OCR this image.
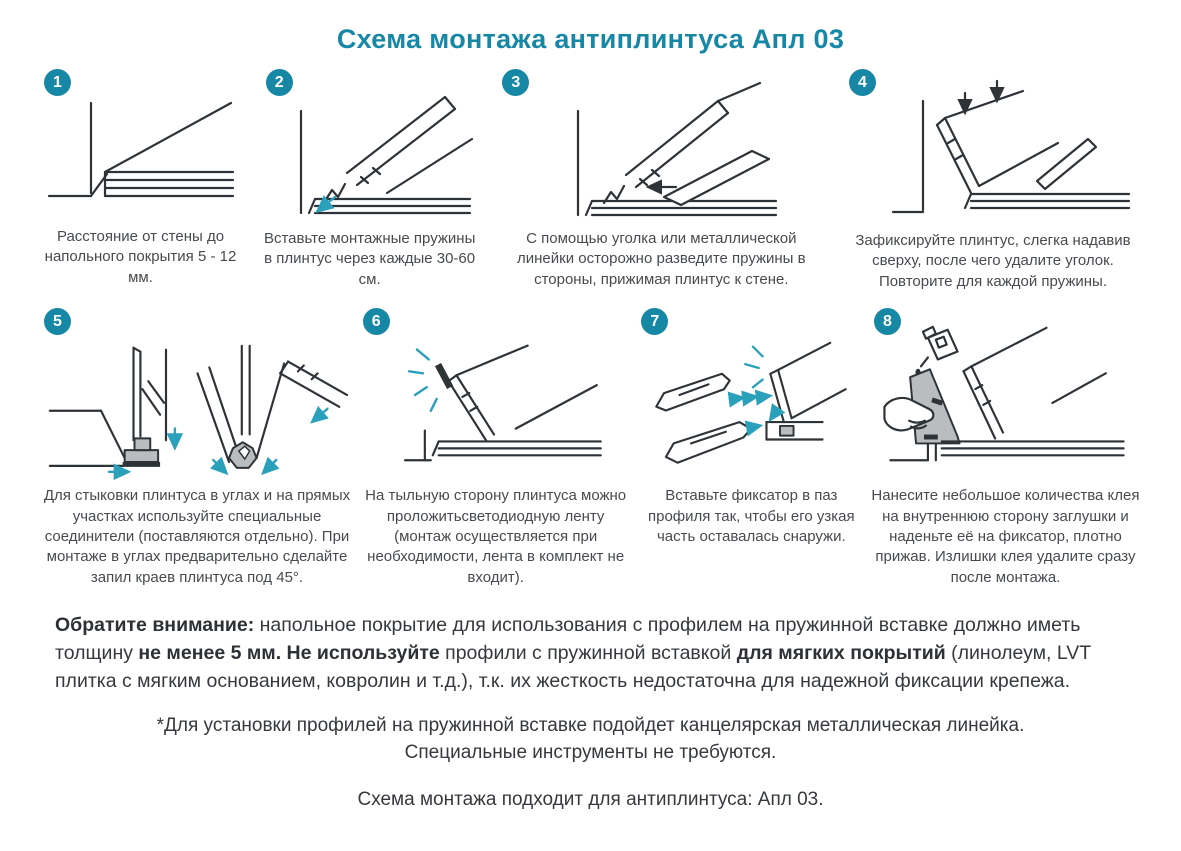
Схема монтажа антиплинтуса Апл 03
1
Расстояние от стены до напольного покрытия 5 - 12 мм.
2
Вставьте монтажные пружины в плинтус через каждые 30-60 см.
3
С помощью уголка или металлической линейки осторожно разведите пружины в стороны, прижимая плинтус к стене.
4
Зафиксируйте плинтус, слегка надавив сверху, после чего удалите уголок. Повторите для каждой пружины.
5
Для стыковки плинтуса в углах и на прямых участках используйте специальные соединители (поставляются отдельно). При монтаже в углах предварительно сделайте запил краев плинтуса под 45°.
6
На тыльную сторону плинтуса можно проложитьсветодиодную ленту (монтаж осуществляется при необходимости, лента в комплект не входит).
7
Вставьте фиксатор в паз профиля так, чтобы его узкая часть оставалась снаружи.
8
Нанесите небольшое количества клея на внутреннюю сторону заглушки и наденьте её на фиксатор, плотно прижав. Излишки клея удалите сразу после монтажа.
Обратите внимание: напольное покрытие для использования с профилем на пружинной вставке должно иметь толщину не менее 5 мм. Не используйте профили с пружинной вставкой для мягких покрытий (линолеум, LVT плитка с мягким основанием, ковролин и т.д.), т.к. их жесткость недостаточна для надежной фиксации крепежа.
*Для установки профилей на пружинной вставке подойдет канцелярская металлическая линейка.
Специальные инструменты не требуются.
Схема монтажа подходит для антиплинтуса: Апл 03.
